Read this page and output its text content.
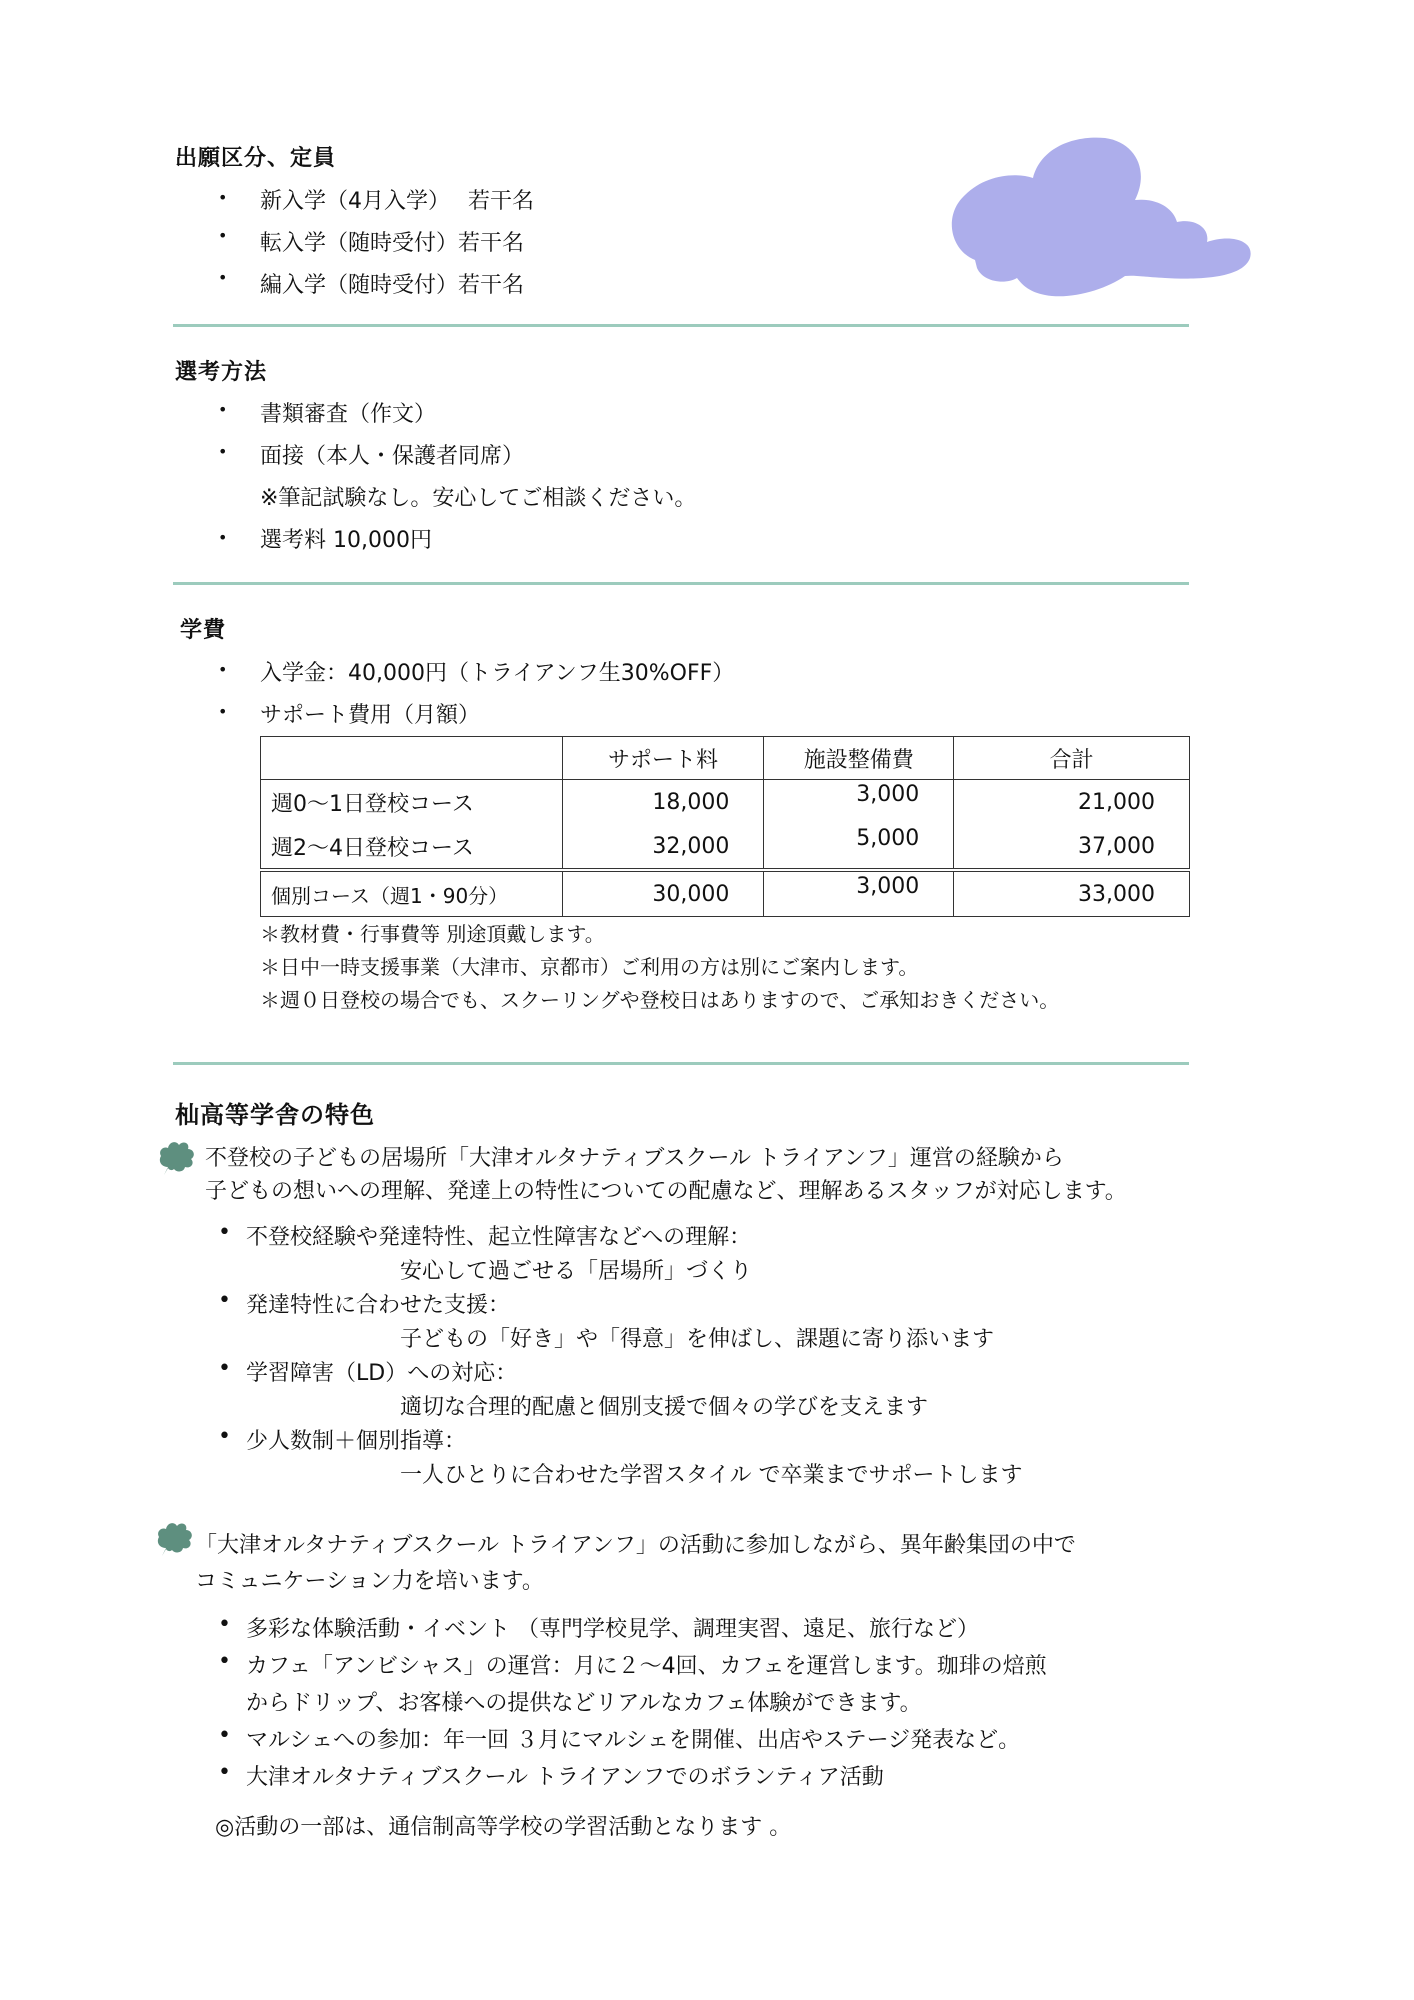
出願区分、定員
• 新入学（4月入学） 若干名
• 転入学（随時受付）若干名
• 編入学（随時受付）若干名
選考方法
• 書類審査（作文）
• 面接（本人・保護者同席）
※筆記試験なし。安心してご相談ください。
• 選考料 10,000円
学費
• 入学金：40,000円（トライアンフ生30%OFF）
• サポート費用（月額）
	サポート料	施設整備費	合計
週0〜1日登校コース	18,000	3,000	21,000
週2〜4日登校コース	32,000	5,000	37,000
個別コース（週1・90分）	30,000	3,000	33,000
＊教材費・行事費等 別途頂戴します。
＊日中一時支援事業（大津市、京都市）ご利用の方は別にご案内します。
＊週０日登校の場合でも、スクーリングや登校日はありますので、ご承知おきください。
杣高等学舎の特色
不登校の子どもの居場所「大津オルタナティブスクール トライアンフ」運営の経験から
子どもの想いへの理解、発達上の特性についての配慮など、理解あるスタッフが対応します。
• 不登校経験や発達特性、起立性障害などへの理解：
安心して過ごせる「居場所」づくり
• 発達特性に合わせた支援：
子どもの「好き」や「得意」を伸ばし、課題に寄り添います
• 学習障害（LD）への対応：
適切な合理的配慮と個別支援で個々の学びを支えます
• 少人数制＋個別指導：
一人ひとりに合わせた学習スタイル で卒業までサポートします
「大津オルタナティブスクール トライアンフ」の活動に参加しながら、異年齢集団の中で
コミュニケーション力を培います。
• 多彩な体験活動・イベント （専門学校見学、調理実習、遠足、旅行など）
• カフェ「アンビシャス」の運営：月に２〜4回、カフェを運営します。珈琲の焙煎
からドリップ、お客様への提供などリアルなカフェ体験ができます。
• マルシェへの参加：年一回 ３月にマルシェを開催、出店やステージ発表など。
• 大津オルタナティブスクール トライアンフでのボランティア活動
◎活動の一部は、通信制高等学校の学習活動となります 。
